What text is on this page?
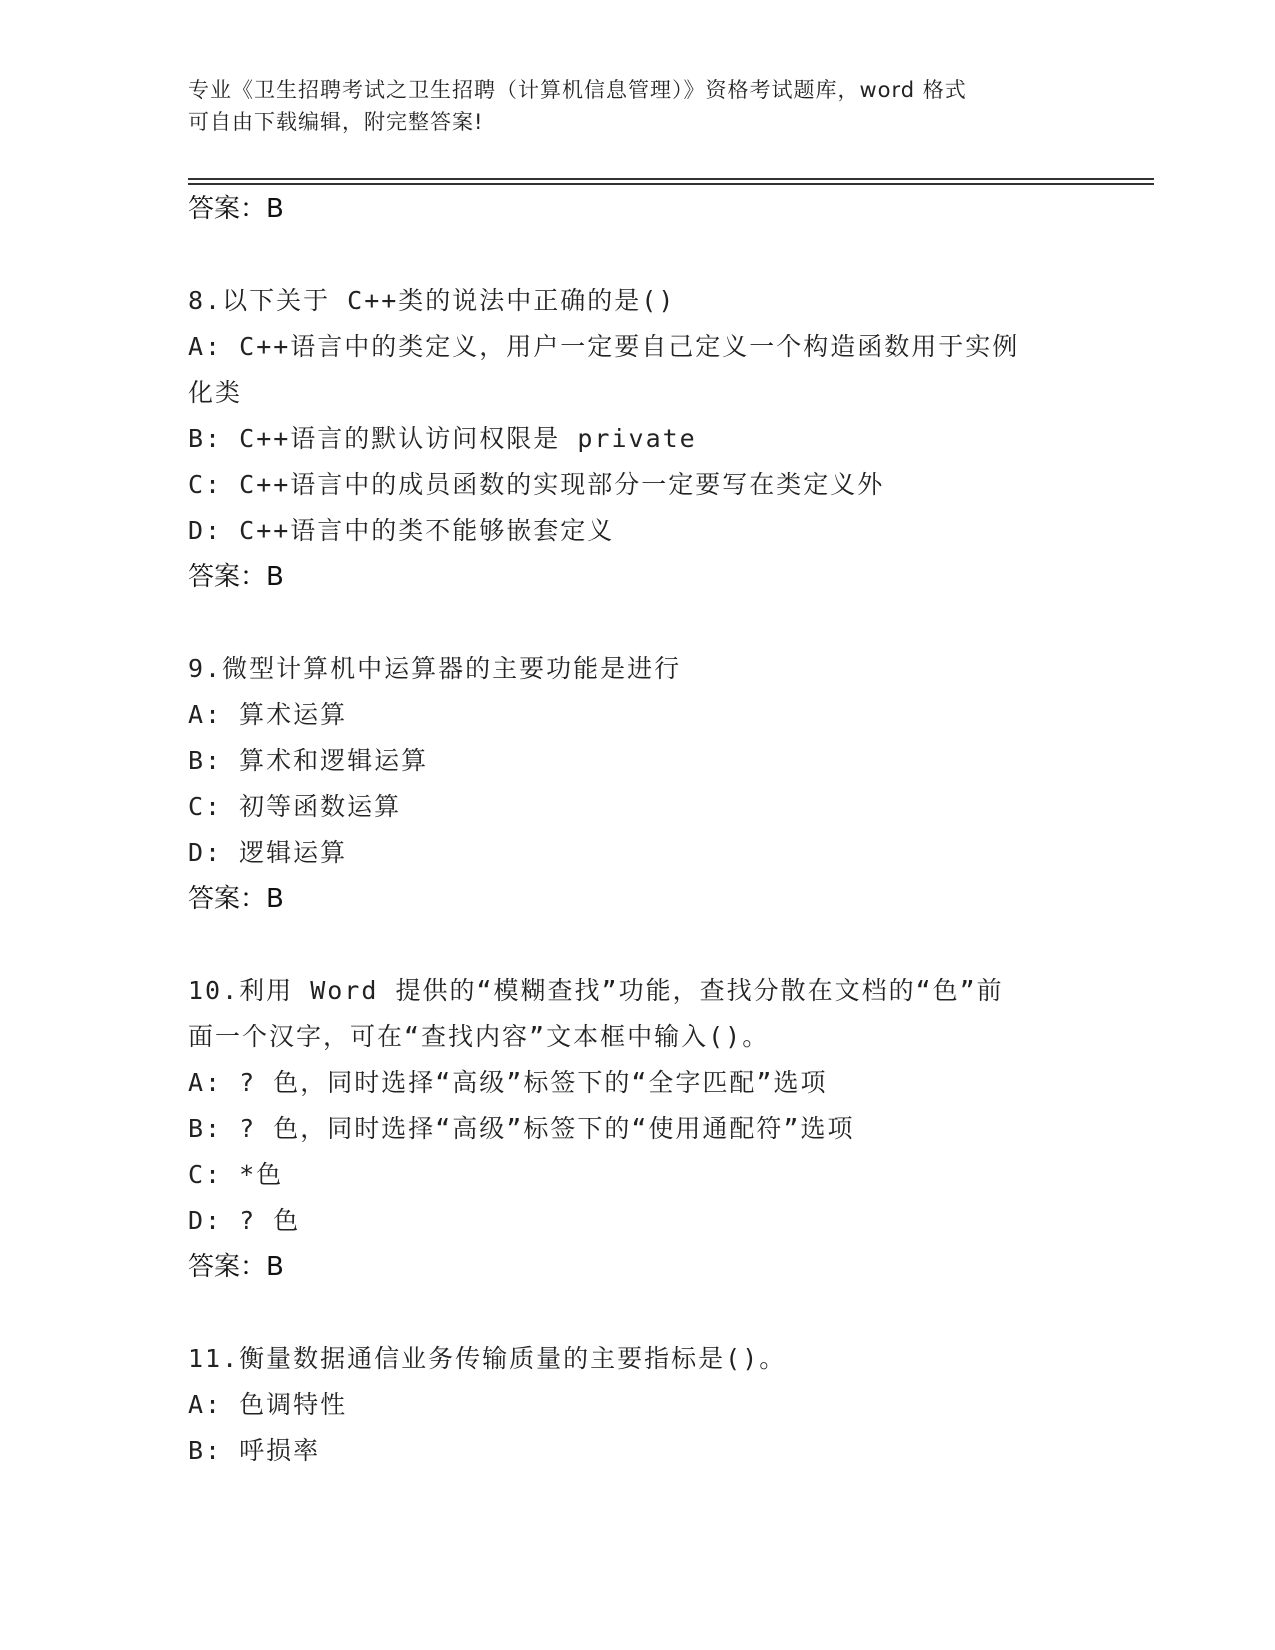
专业《卫生招聘考试之卫生招聘（计算机信息管理）》资格考试题库，word 格式
可自由下载编辑，附完整答案!
答案：B
8.以下关于 C++类的说法中正确的是()
A: C++语言中的类定义，用户一定要自己定义一个构造函数用于实例
化类
B: C++语言的默认访问权限是 private
C: C++语言中的成员函数的实现部分一定要写在类定义外
D: C++语言中的类不能够嵌套定义
答案：B
9.微型计算机中运算器的主要功能是进行
A: 算术运算
B: 算术和逻辑运算
C: 初等函数运算
D: 逻辑运算
答案：B
10.利用 Word 提供的“模糊查找”功能，查找分散在文档的“色”前
面一个汉字，可在“查找内容”文本框中输入()。
A: ? 色，同时选择“高级”标签下的“全字匹配”选项
B: ? 色，同时选择“高级”标签下的“使用通配符”选项
C: *色
D: ? 色
答案：B
11.衡量数据通信业务传输质量的主要指标是()。
A: 色调特性
B: 呼损率
